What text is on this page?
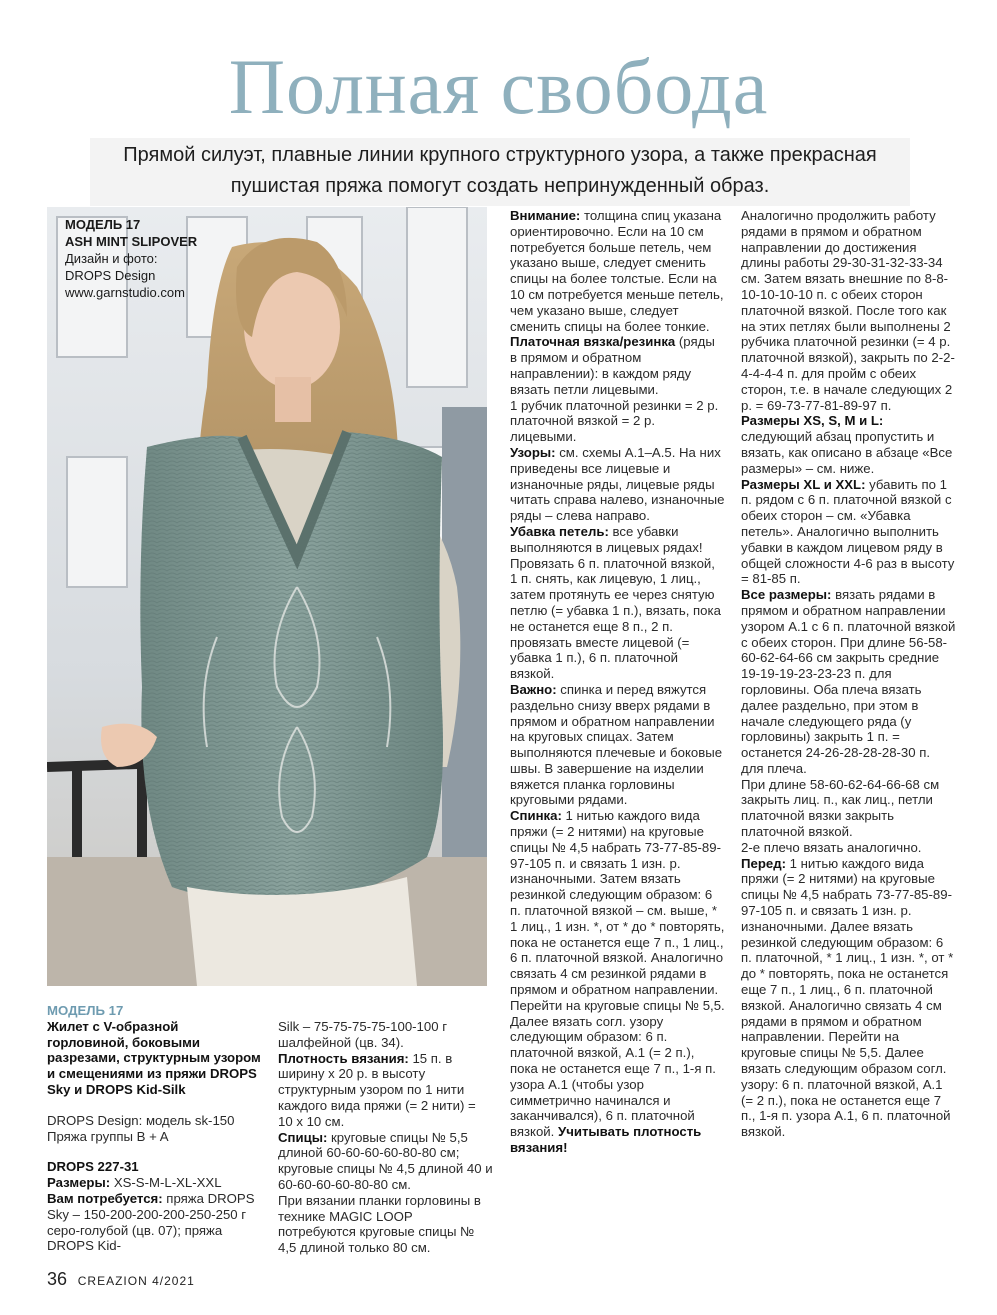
Полная свобода
Прямой силуэт, плавные линии крупного структурного узора, а также прекрасная
пушистая пряжа помогут создать непринужденный образ.
МОДЕЛЬ 17
ASH MINT SLIPOVER
Дизайн и фото:
DROPS Design
www.garnstudio.com

МОДЕЛЬ 17

Жилет с V-образной горловиной, боковыми разрезами, структурным узором и смещениями из пряжи DROPS Sky и DROPS Kid-Silk

DROPS Design: модель sk-150

Пряжа группы B + A

DROPS 227-31

Размеры: XS-S-M-L-XL-XXL

Вам потребуется: пряжа DROPS Sky – 150-200-200-200-250-250 г серо-голубой (цв. 07); пряжа DROPS Kid-

Silk – 75-75-75-75-100-100 г шалфейной (цв. 34).

Плотность вязания: 15 п. в ширину х 20 р. в высоту структурным узором по 1 нити каждого вида пряжи (= 2 нити) = 10 х 10 см.

Спицы: круговые спицы № 5,5 длиной 60-60-60-60-80-80 см; круговые спицы № 4,5 длиной 40 и 60-60-60-60-80-80 см.

При вязании планки горловины в технике MAGIC LOOP потребуются круговые спицы № 4,5 длиной только 80 см.

Внимание: толщина спиц указана ориентировочно. Если на 10 см потребуется больше петель, чем указано выше, следует сменить спицы на более толстые. Если на 10 см потребуется меньше петель, чем указано выше, следует сменить спицы на более тонкие.

Платочная вязка/резинка (ряды в прямом и обратном направлении): в каждом ряду вязать петли лицевыми.

1 рубчик платочной резинки = 2 р. платочной вязкой = 2 р. лицевыми.

Узоры: см. схемы А.1–А.5. На них приведены все лицевые и изнаночные ряды, лицевые ряды читать справа налево, изнаночные ряды – слева направо.

Убавка петель: все убавки выполняются в лицевых рядах! Провязать 6 п. платочной вязкой, 1 п. снять, как лицевую, 1 лиц., затем протянуть ее через снятую петлю (= убавка 1 п.), вязать, пока не останется еще 8 п., 2 п. провязать вместе лицевой (= убавка 1 п.), 6 п. платочной вязкой.

Важно: спинка и перед вяжутся раздельно снизу вверх рядами в прямом и обратном направлении на круговых спицах. Затем выполняются плечевые и боковые швы. В завершение на изделии вяжется планка горловины круговыми рядами.

Спинка: 1 нитью каждого вида пряжи (= 2 нитями) на круговые спицы № 4,5 набрать 73-77-85-89-97-105 п. и связать 1 изн. р. изнаночными. Затем вязать резинкой следующим образом: 6 п. платочной вязкой – см. выше, * 1 лиц., 1 изн. *, от * до * повторять, пока не останется еще 7 п., 1 лиц., 6 п. платочной вязкой. Аналогично связать 4 см резинкой рядами в прямом и обратном направлении. Перейти на круговые спицы № 5,5. Далее вязать согл. узору следующим образом: 6 п. платочной вязкой, А.1 (= 2 п.), пока не останется еще 7 п., 1-я п. узора А.1 (чтобы узор симметрично начинался и заканчивался), 6 п. платочной вязкой. Учитывать плотность вязания!

Аналогично продолжить работу рядами в прямом и обратном направлении до достижения длины работы 29-30-31-32-33-34 см. Затем вязать внешние по 8-8-10-10-10-10 п. с обеих сторон платочной вязкой. После того как на этих петлях были выполнены 2 рубчика платочной резинки (= 4 р. платочной вязкой), закрыть по 2-2-4-4-4-4 п. для пройм с обеих сторон, т.е. в начале следующих 2 р. = 69-73-77-81-89-97 п.

Размеры XS, S, M и L: следующий абзац пропустить и вязать, как описано в абзаце «Все размеры» – см. ниже.

Размеры XL и XXL: убавить по 1 п. рядом с 6 п. платочной вязкой с обеих сторон – см. «Убавка петель». Аналогично выполнить убавки в каждом лицевом ряду в общей сложности 4-6 раз в высоту = 81-85 п.

Все размеры: вязать рядами в прямом и обратном направлении узором А.1 с 6 п. платочной вязкой с обеих сторон. При длине 56-58-60-62-64-66 см закрыть средние 19-19-19-23-23-23 п. для горловины. Оба плеча вязать далее раздельно, при этом в начале следующего ряда (у горловины) закрыть 1 п. = останется 24-26-28-28-28-30 п. для плеча.

При длине 58-60-62-64-66-68 см закрыть лиц. п., как лиц., петли платочной вязки закрыть платочной вязкой.

2-е плечо вязать аналогично.

Перед: 1 нитью каждого вида пряжи (= 2 нитями) на круговые спицы № 4,5 набрать 73-77-85-89-97-105 п. и связать 1 изн. р. изнаночными. Далее вязать резинкой следующим образом: 6 п. платочной, * 1 лиц., 1 изн. *, от * до * повторять, пока не останется еще 7 п., 1 лиц., 6 п. платочной вязкой. Аналогично связать 4 см рядами в прямом и обратном направлении. Перейти на круговые спицы № 5,5. Далее вязать следующим образом согл. узору: 6 п. платочной вязкой, А.1 (= 2 п.), пока не останется еще 7 п., 1-я п. узора А.1, 6 п. платочной вязкой.

36 CREAZION 4/2021
